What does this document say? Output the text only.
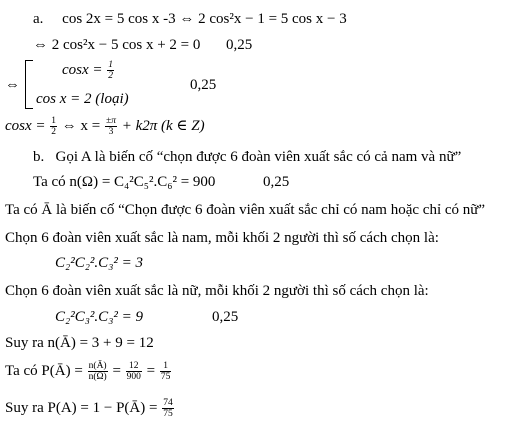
a. cos 2x = 5 cos x -3 ⇔ 2 cos²x − 1 = 5 cos x − 3
⇔ 2 cos²x − 5 cos x + 2 = 0 0,25
⇔
$\cos x = \frac{1}{2}$
cos x = 2 (loại)
0,25
$\cos x = \frac{1}{2}$ ⇔ $x = \frac{\pm\pi}{3} + k2\pi$ (k ∈ Z)
b. Gọi A là biến cố “chọn được 6 đoàn viên xuất sắc có cả nam và nữ”
Ta có n(Ω) = C₄²C₅².C₆² = 900	0,25
Ta có Ā là biến cố “Chọn được 6 đoàn viên xuất sắc chỉ có nam hoặc chỉ có nữ”
Chọn 6 đoàn viên xuất sắc là nam, mỗi khối 2 người thì số cách chọn là:
C₂²C₂².C₃² = 3
Chọn 6 đoàn viên xuất sắc là nữ, mỗi khối 2 người thì số cách chọn là:
C₂²C₃².C₃² = 9	0,25
Suy ra n(Ā) = 3 + 9 = 12
Ta có P(Ā) = $\frac{n(Ā)}{n(\Omega)} = \frac{12}{900} = \frac{1}{75}$
Suy ra P(A) = 1 − P(Ā) = $\frac{74}{75}$
